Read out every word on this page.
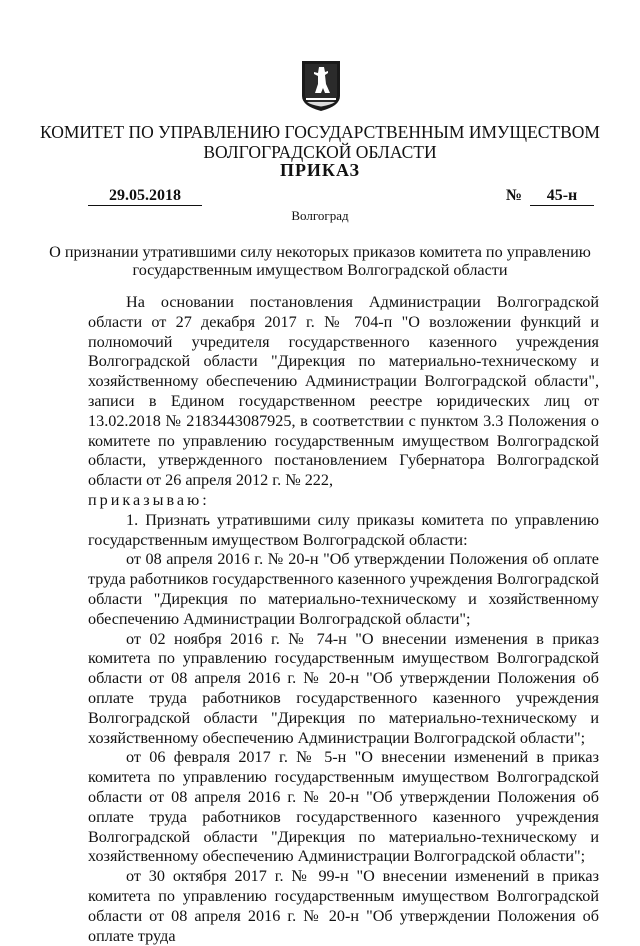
КОМИТЕТ ПО УПРАВЛЕНИЮ ГОСУДАРСТВЕННЫМ ИМУЩЕСТВОМ
ВОЛГОГРАДСКОЙ ОБЛАСТИ
ПРИКАЗ
29.05.2018	№	45-н
Волгоград
О признании утратившими силу некоторых приказов комитета по управлению
государственным имуществом Волгоградской области

На основании постановления Администрации Волгоградской области от 27 декабря 2017 г. № 704-п "О возложении функций и полномочий учредителя государственного казенного учреждения Волгоградской области "Дирекция по материально-техническому и хозяйственному обеспечению Администрации Волгоградской области", записи в Едином государственном реестре юридических лиц от 13.02.2018 № 2183443087925, в соответствии с пунктом 3.3 Положения о комитете по управлению государственным имуществом Волгоградской области, утвержденного постановлением Губернатора Волгоградской области от 26 апреля 2012 г. № 222,

приказываю:

1. Признать утратившими силу приказы комитета по управлению государственным имуществом Волгоградской области:

от 08 апреля 2016 г. № 20-н "Об утверждении Положения об оплате труда работников государственного казенного учреждения Волгоградской области "Дирекция по материально-техническому и хозяйственному обеспечению Администрации Волгоградской области";

от 02 ноября 2016 г. № 74-н "О внесении изменения в приказ комитета по управлению государственным имуществом Волгоградской области от 08 апреля 2016 г. № 20-н "Об утверждении Положения об оплате труда работников государственного казенного учреждения Волгоградской области "Дирекция по материально-техническому и хозяйственному обеспечению Администрации Волгоградской области";

от 06 февраля 2017 г. № 5-н "О внесении изменений в приказ комитета по управлению государственным имуществом Волгоградской области от 08 апреля 2016 г. № 20-н "Об утверждении Положения об оплате труда работников государственного казенного учреждения Волгоградской области "Дирекция по материально-техническому и хозяйственному обеспечению Администрации Волгоградской области";

от 30 октября 2017 г. № 99-н "О внесении изменений в приказ комитета по управлению государственным имуществом Волгоградской области от 08 апреля 2016 г. № 20-н "Об утверждении Положения об оплате труда
